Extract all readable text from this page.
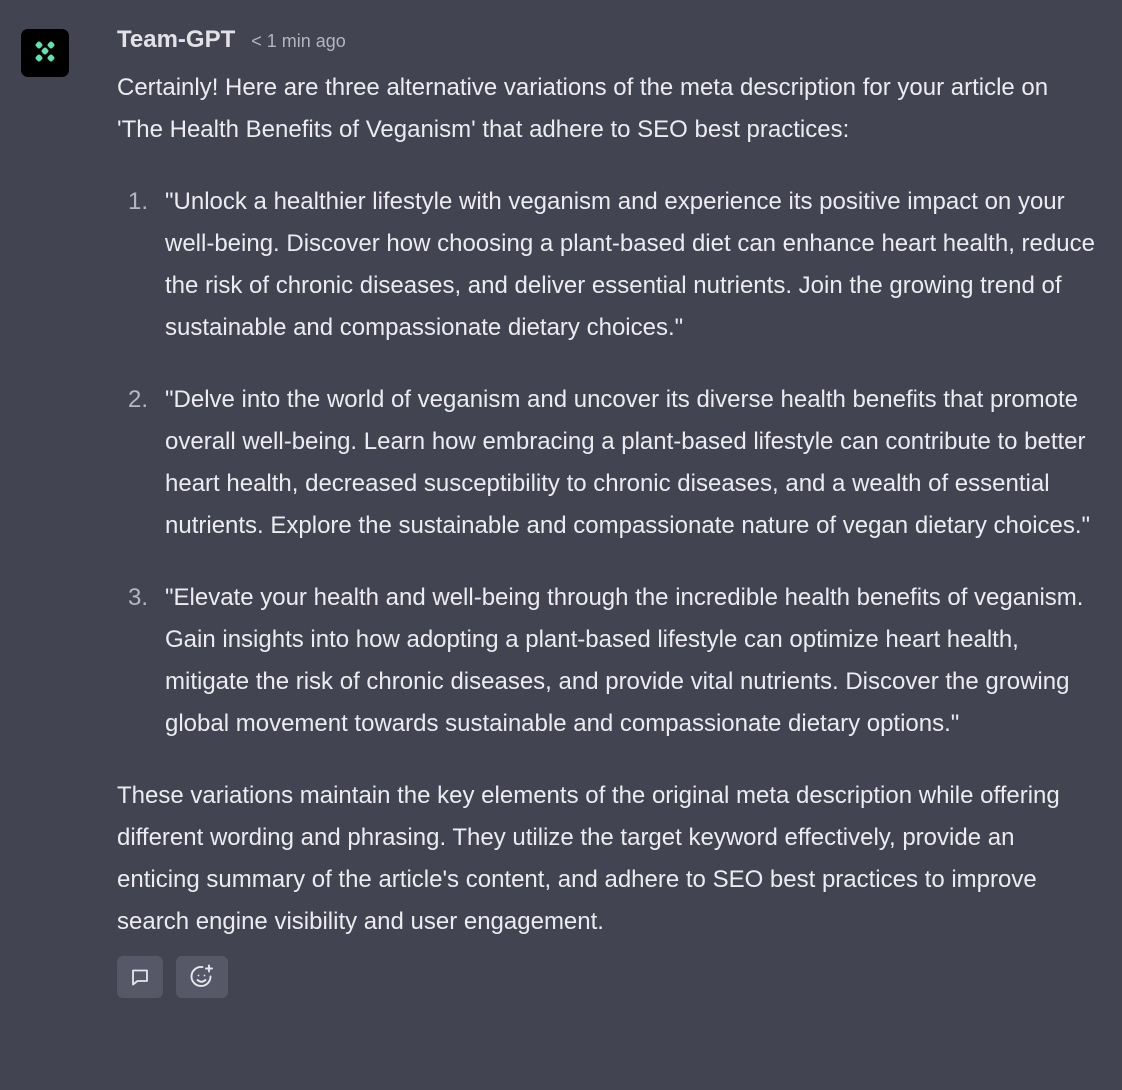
Team-GPT < 1 min ago

Certainly! Here are three alternative variations of the meta description for your article on 'The Health Benefits of Veganism' that adhere to SEO best practices:

1. "Unlock a healthier lifestyle with veganism and experience its positive impact on your well-being. Discover how choosing a plant-based diet can enhance heart health, reduce the risk of chronic diseases, and deliver essential nutrients. Join the growing trend of sustainable and compassionate dietary choices."
2. "Delve into the world of veganism and uncover its diverse health benefits that promote overall well-being. Learn how embracing a plant-based lifestyle can contribute to better heart health, decreased susceptibility to chronic diseases, and a wealth of essential nutrients. Explore the sustainable and compassionate nature of vegan dietary choices."
3. "Elevate your health and well-being through the incredible health benefits of veganism. Gain insights into how adopting a plant-based lifestyle can optimize heart health, mitigate the risk of chronic diseases, and provide vital nutrients. Discover the growing global movement towards sustainable and compassionate dietary options."

These variations maintain the key elements of the original meta description while offering different wording and phrasing. They utilize the target keyword effectively, provide an enticing summary of the article's content, and adhere to SEO best practices to improve search engine visibility and user engagement.
